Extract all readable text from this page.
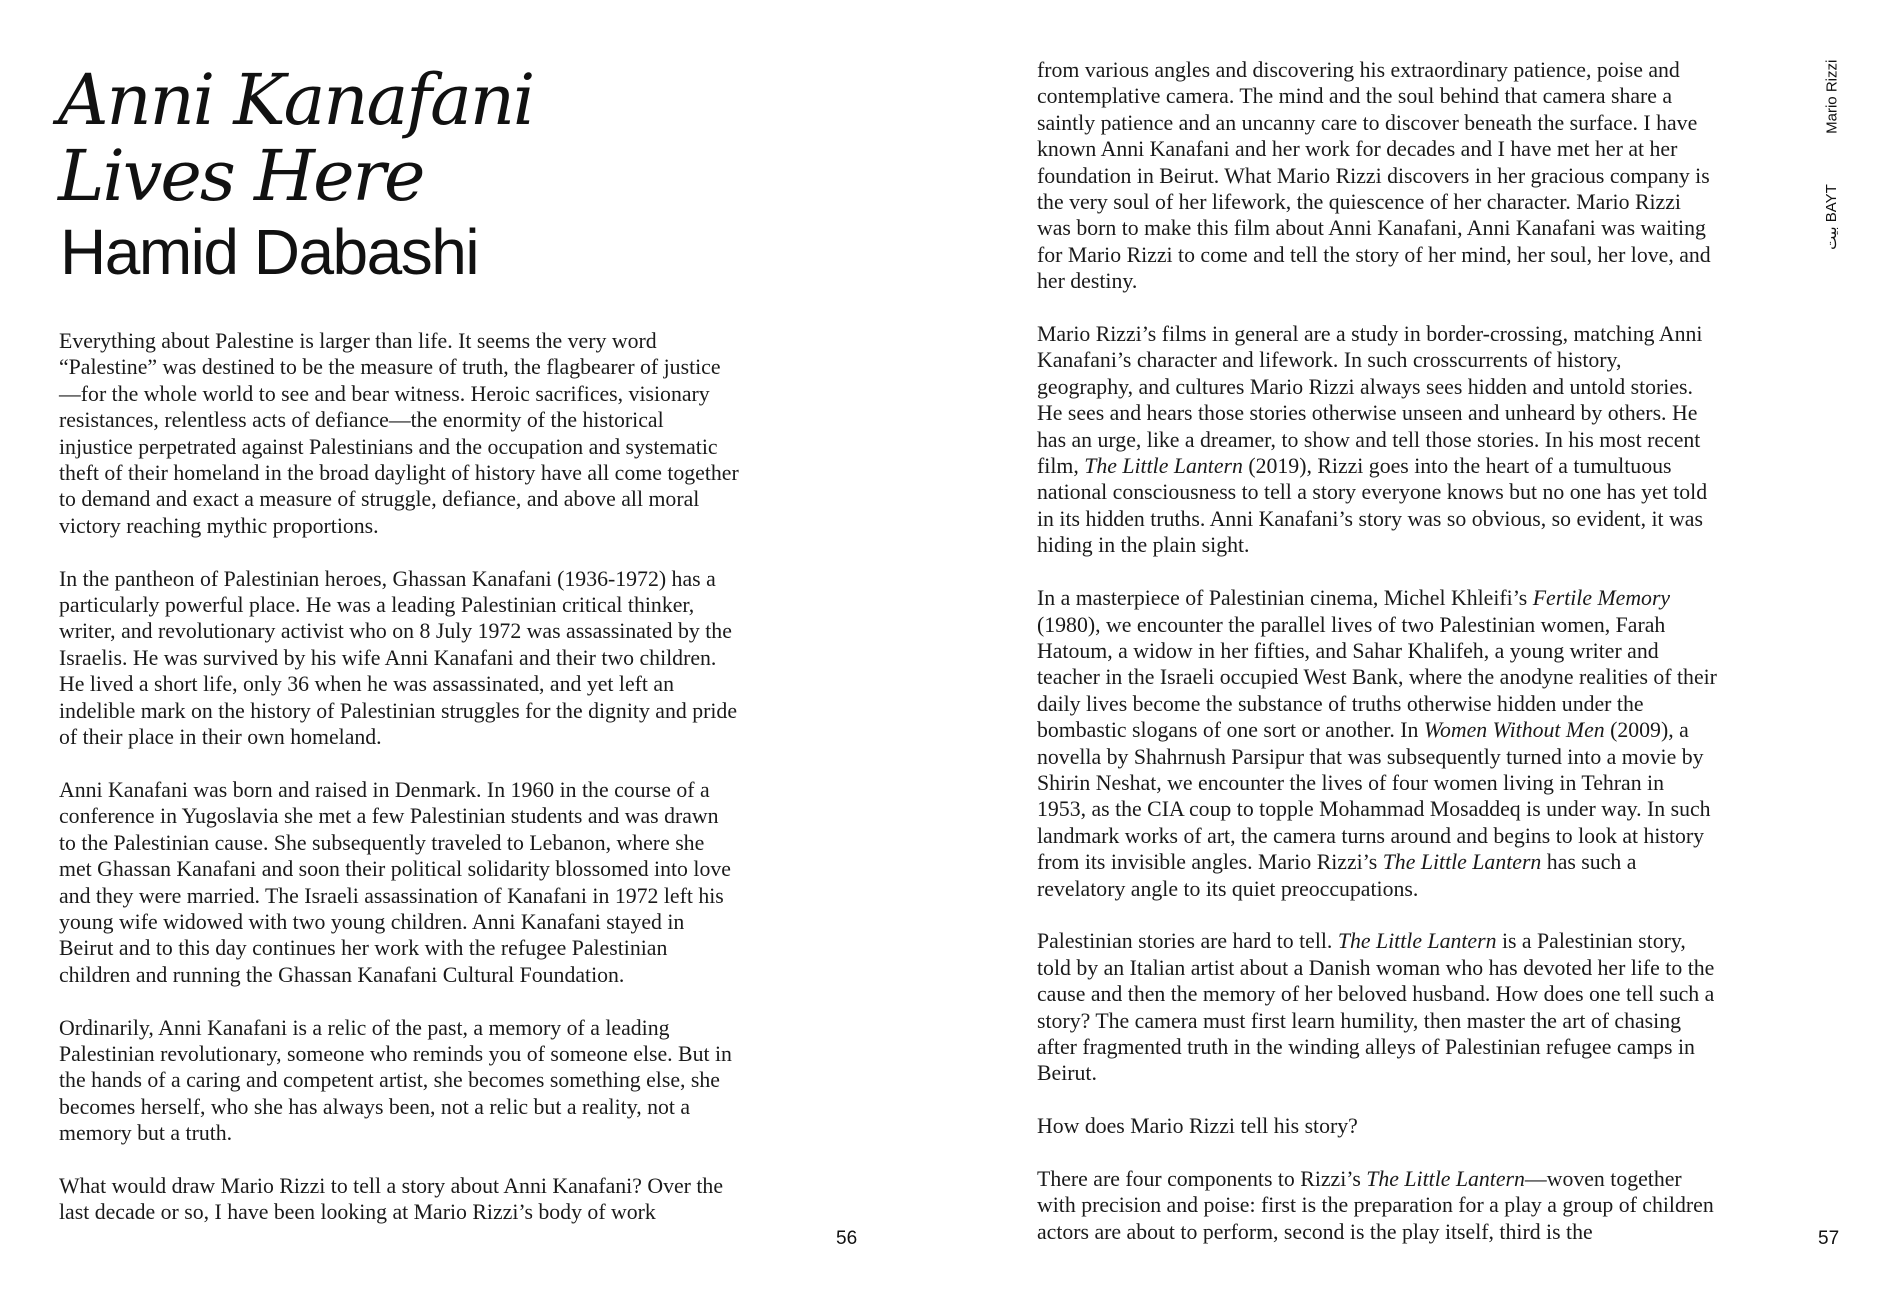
Anni Kanafani
Lives Here
Hamid Dabashi

Everything about Palestine is larger than life. It seems the very word “Palestine” was destined to be the measure of truth, the flagbearer of justice—for the whole world to see and bear witness. Heroic sacrifices, visionary resistances, relentless acts of defiance—the enormity of the historical injustice perpetrated against Palestinians and the occupation and systematic theft of their homeland in the broad daylight of history have all come together to demand and exact a measure of struggle, defiance, and above all moral victory reaching mythic proportions.

In the pantheon of Palestinian heroes, Ghassan Kanafani (1936-1972) has a particularly powerful place. He was a leading Palestinian critical thinker, writer, and revolutionary activist who on 8 July 1972 was assassinated by the Israelis. He was survived by his wife Anni Kanafani and their two children. He lived a short life, only 36 when he was assassinated, and yet left an indelible mark on the history of Palestinian struggles for the dignity and pride of their place in their own homeland.

Anni Kanafani was born and raised in Denmark. In 1960 in the course of a conference in Yugoslavia she met a few Palestinian students and was drawn to the Palestinian cause. She subsequently traveled to Lebanon, where she met Ghassan Kanafani and soon their political solidarity blossomed into love and they were married. The Israeli assassination of Kanafani in 1972 left his young wife widowed with two young children. Anni Kanafani stayed in Beirut and to this day continues her work with the refugee Palestinian children and running the Ghassan Kanafani Cultural Foundation.

Ordinarily, Anni Kanafani is a relic of the past, a memory of a leading Palestinian revolutionary, someone who reminds you of someone else. But in the hands of a caring and competent artist, she becomes something else, she becomes herself, who she has always been, not a relic but a reality, not a memory but a truth.

What would draw Mario Rizzi to tell a story about Anni Kanafani? Over the last decade or so, I have been looking at Mario Rizzi’s body of work

56

from various angles and discovering his extraordinary patience, poise and contemplative camera. The mind and the soul behind that camera share a saintly patience and an uncanny care to discover beneath the surface. I have known Anni Kanafani and her work for decades and I have met her at her foundation in Beirut. What Mario Rizzi discovers in her gracious company is the very soul of her lifework, the quiescence of her character. Mario Rizzi was born to make this film about Anni Kanafani, Anni Kanafani was waiting for Mario Rizzi to come and tell the story of her mind, her soul, her love, and her destiny.

Mario Rizzi’s films in general are a study in border-crossing, matching Anni Kanafani’s character and lifework. In such crosscurrents of history, geography, and cultures Mario Rizzi always sees hidden and untold stories. He sees and hears those stories otherwise unseen and unheard by others. He has an urge, like a dreamer, to show and tell those stories. In his most recent film, The Little Lantern (2019), Rizzi goes into the heart of a tumultuous national consciousness to tell a story everyone knows but no one has yet told in its hidden truths. Anni Kanafani’s story was so obvious, so evident, it was hiding in the plain sight.

In a masterpiece of Palestinian cinema, Michel Khleifi’s Fertile Memory (1980), we encounter the parallel lives of two Palestinian women, Farah Hatoum, a widow in her fifties, and Sahar Khalifeh, a young writer and teacher in the Israeli occupied West Bank, where the anodyne realities of their daily lives become the substance of truths otherwise hidden under the bombastic slogans of one sort or another. In Women Without Men (2009), a novella by Shahrnush Parsipur that was subsequently turned into a movie by Shirin Neshat, we encounter the lives of four women living in Tehran in 1953, as the CIA coup to topple Mohammad Mosaddeq is under way. In such landmark works of art, the camera turns around and begins to look at history from its invisible angles. Mario Rizzi’s The Little Lantern has such a revelatory angle to its quiet preoccupations.

Palestinian stories are hard to tell. The Little Lantern is a Palestinian story, told by an Italian artist about a Danish woman who has devoted her life to the cause and then the memory of her beloved husband. How does one tell such a story? The camera must first learn humility, then master the art of chasing after fragmented truth in the winding alleys of Palestinian refugee camps in Beirut.

How does Mario Rizzi tell his story?

There are four components to Rizzi’s The Little Lantern—woven together with precision and poise: first is the preparation for a play a group of children actors are about to perform, second is the play itself, third is the

بيت BAYT
Mario Rizzi
57
